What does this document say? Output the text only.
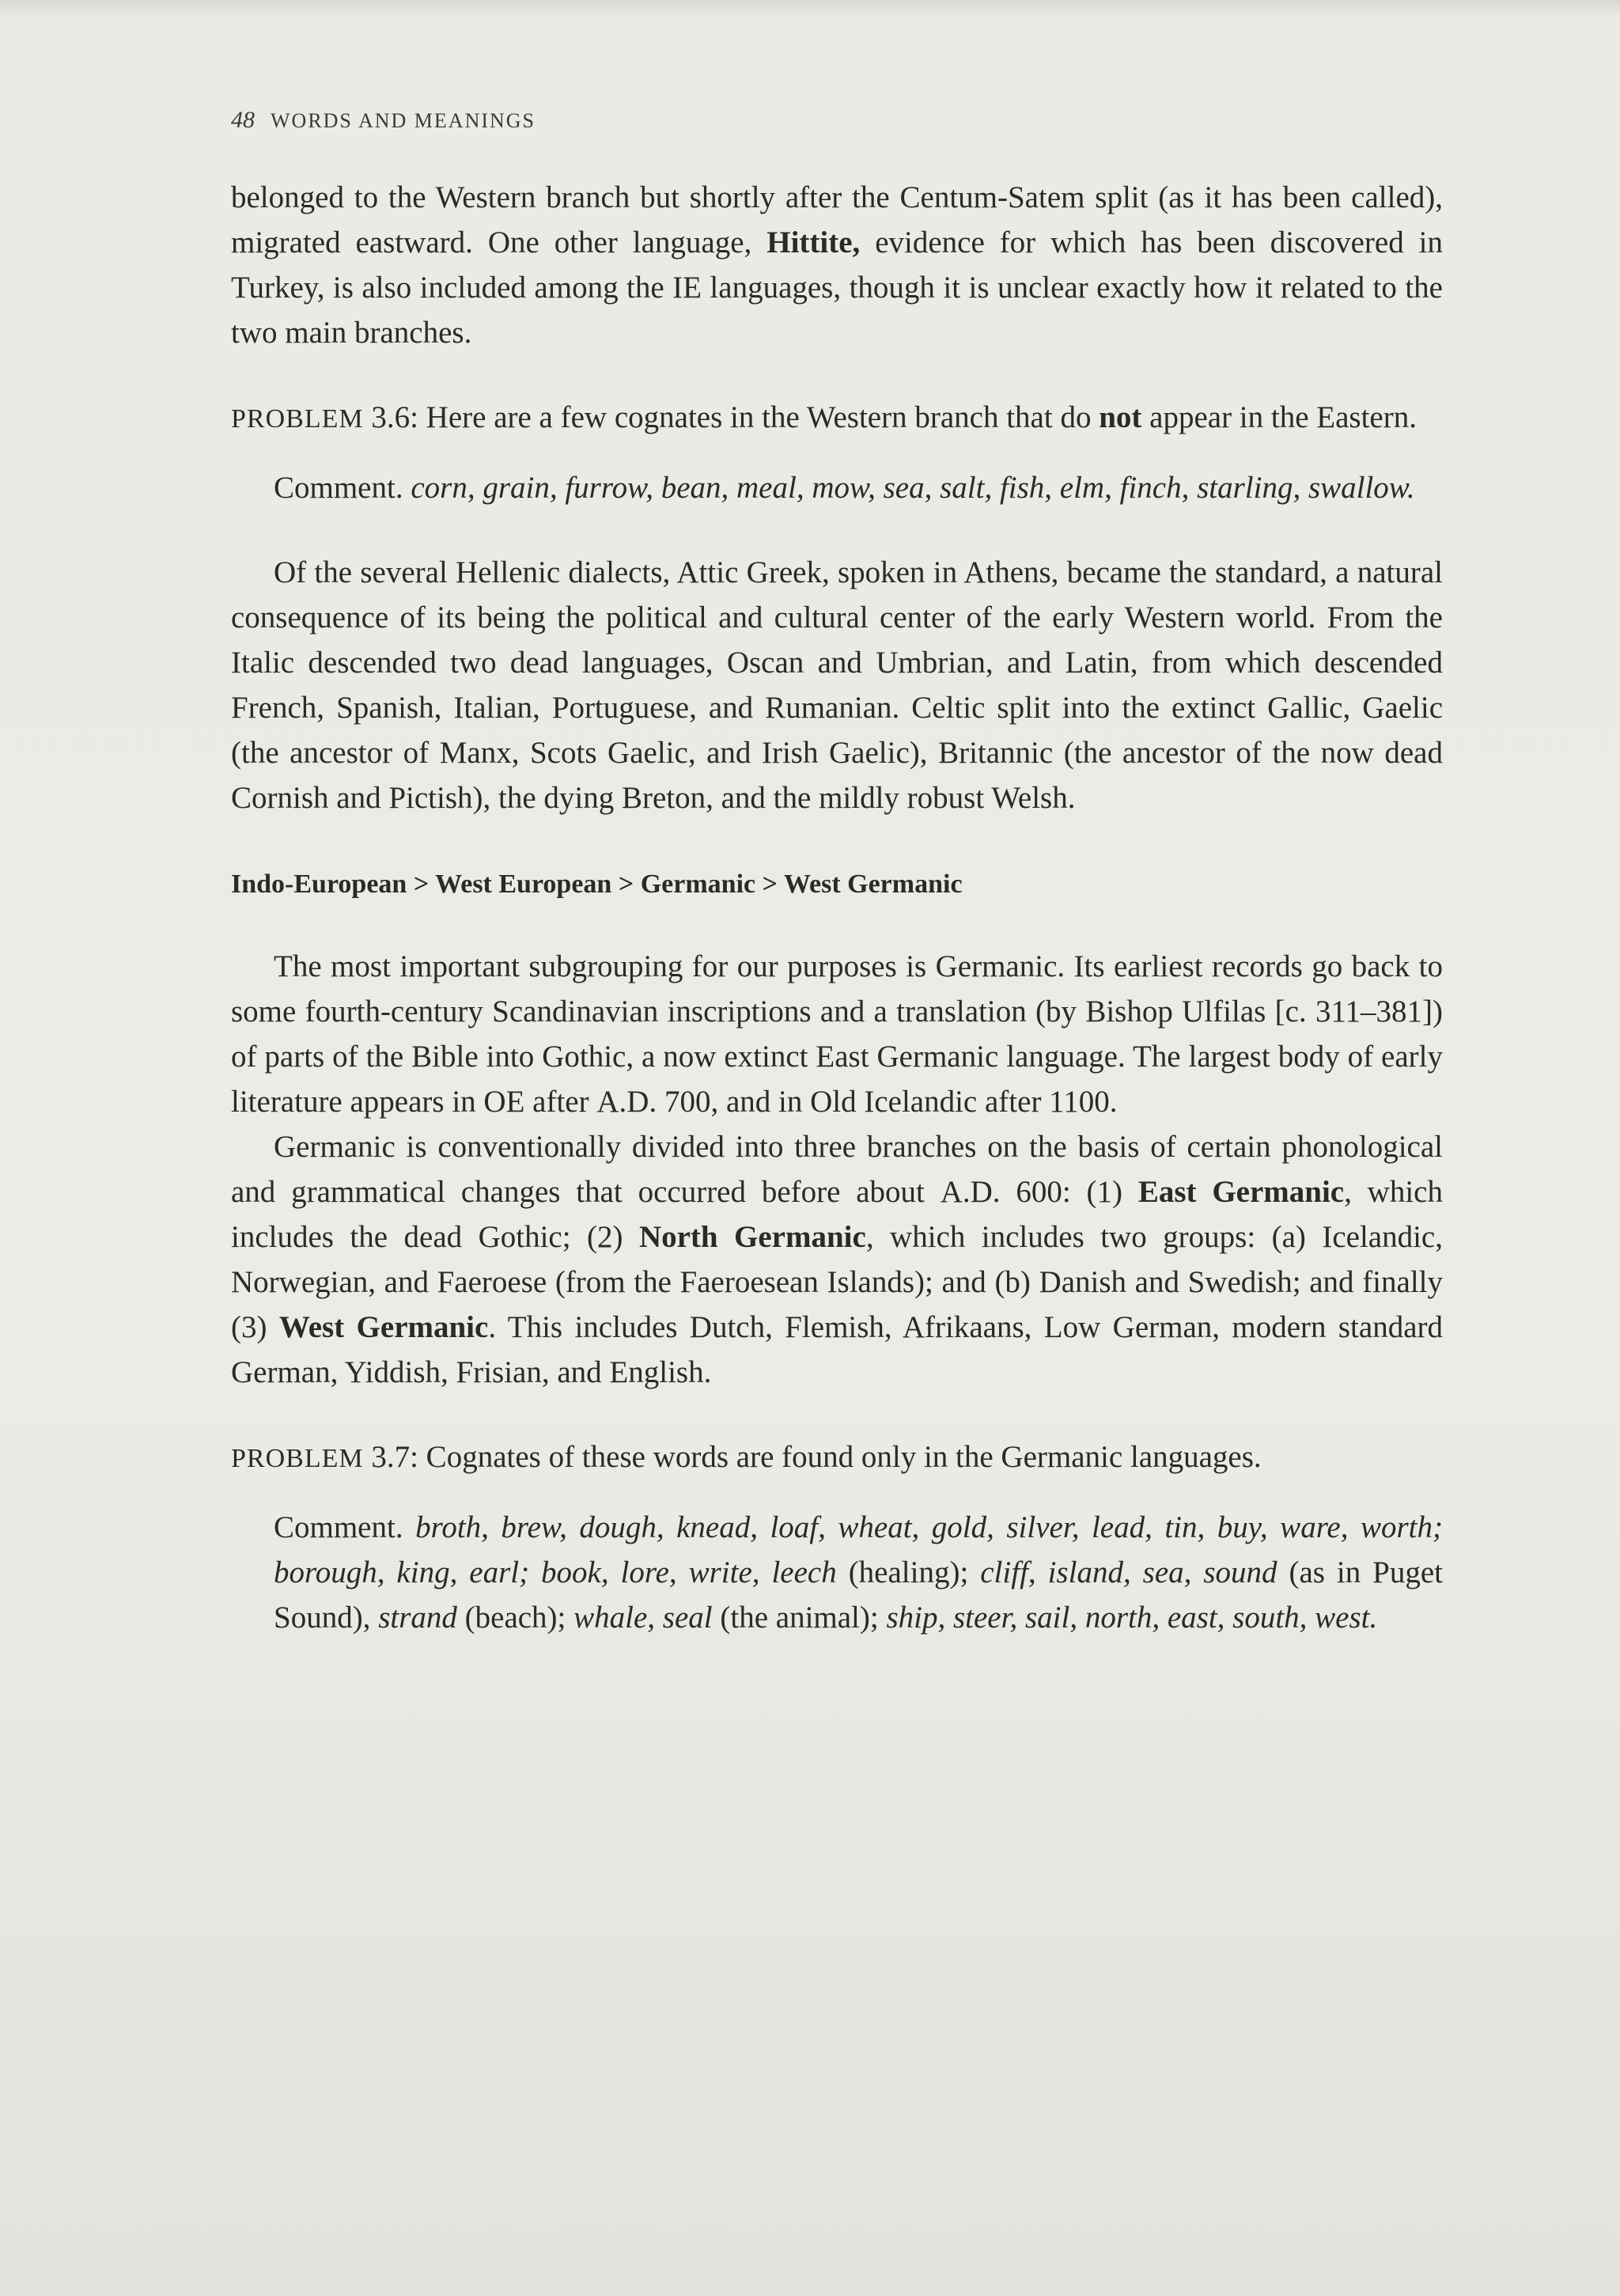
48 WORDS AND MEANINGS

belonged to the Western branch but shortly after the Centum-Satem split (as it has been called), migrated eastward. One other language, Hittite, evidence for which has been discovered in Turkey, is also included among the IE languages, though it is unclear exactly how it related to the two main branches.

PROBLEM 3.6: Here are a few cognates in the Western branch that do not appear in the Eastern.

Comment. corn, grain, furrow, bean, meal, mow, sea, salt, fish, elm, finch, starling, swallow.

Of the several Hellenic dialects, Attic Greek, spoken in Athens, became the standard, a natural consequence of its being the political and cultural center of the early Western world. From the Italic descended two dead languages, Oscan and Umbrian, and Latin, from which descended French, Spanish, Italian, Portuguese, and Rumanian. Celtic split into the extinct Gallic, Gaelic (the ancestor of Manx, Scots Gaelic, and Irish Gaelic), Britannic (the ancestor of the now dead Cornish and Pictish), the dying Breton, and the mildly robust Welsh.

Indo-European > West European > Germanic > West Germanic

The most important subgrouping for our purposes is Germanic. Its earliest records go back to some fourth-century Scandinavian inscriptions and a translation (by Bishop Ulfilas [c. 311–381]) of parts of the Bible into Gothic, a now extinct East Germanic language. The largest body of early literature appears in OE after A.D. 700, and in Old Icelandic after 1100.

Germanic is conventionally divided into three branches on the basis of certain phonological and grammatical changes that occurred before about A.D. 600: (1) East Germanic, which includes the dead Gothic; (2) North Germanic, which includes two groups: (a) Icelandic, Norwegian, and Faeroese (from the Faeroesean Islands); and (b) Danish and Swedish; and finally (3) West Germanic. This includes Dutch, Flemish, Afrikaans, Low German, modern standard German, Yiddish, Frisian, and English.

PROBLEM 3.7: Cognates of these words are found only in the Germanic languages.

Comment. broth, brew, dough, knead, loaf, wheat, gold, silver, lead, tin, buy, ware, worth; borough, king, earl; book, lore, write, leech (healing); cliff, island, sea, sound (as in Puget Sound), strand (beach); whale, seal (the animal); ship, steer, sail, north, east, south, west.
